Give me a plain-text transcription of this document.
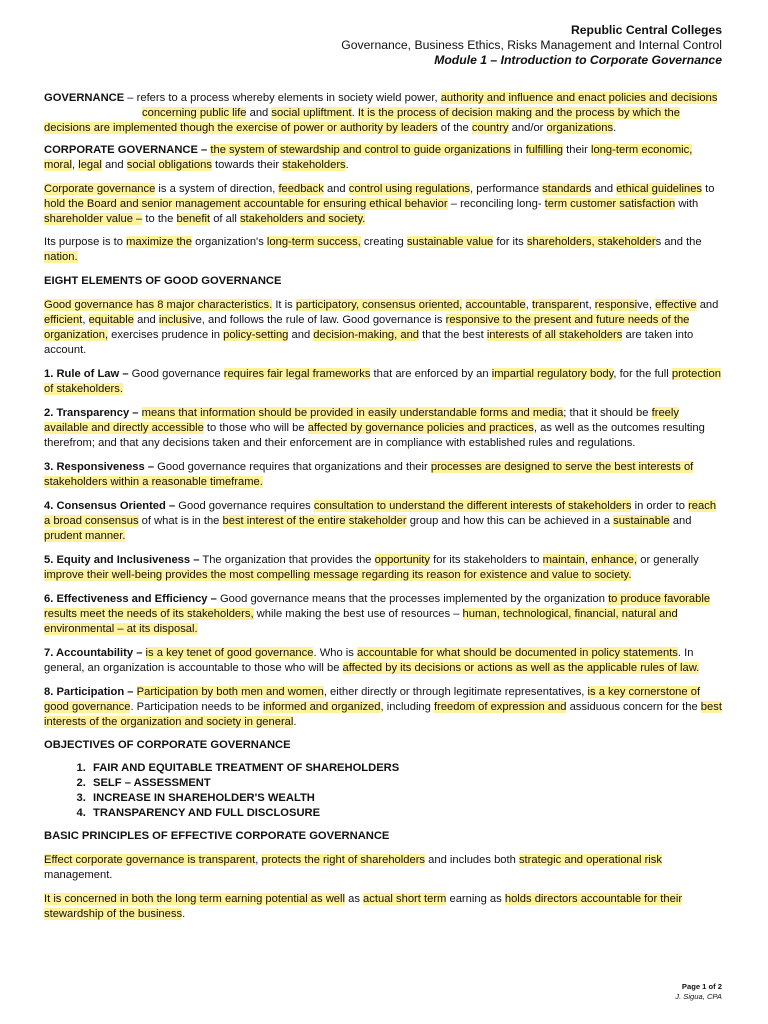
Republic Central Colleges
Governance, Business Ethics, Risks Management and Internal Control
Module 1 – Introduction to Corporate Governance

GOVERNANCE – refers to a process whereby elements in society wield power, authority and influence and enact policies and decisions
concerning public life and social upliftment. It is the process of decision making and the process by which the decisions are implemented though the exercise of power or authority by leaders of the country and/or organizations.

CORPORATE GOVERNANCE – the system of stewardship and control to guide organizations in fulfilling their long-term economic, moral, legal and social obligations towards their stakeholders.

Corporate governance is a system of direction, feedback and control using regulations, performance standards and ethical guidelines to hold the Board and senior management accountable for ensuring ethical behavior – reconciling long- term customer satisfaction with shareholder value – to the benefit of all stakeholders and society.

Its purpose is to maximize the organization's long-term success, creating sustainable value for its shareholders, stakeholders and the nation.

EIGHT ELEMENTS OF GOOD GOVERNANCE

Good governance has 8 major characteristics. It is participatory, consensus oriented, accountable, transparent, responsive, effective and efficient, equitable and inclusive, and follows the rule of law. Good governance is responsive to the present and future needs of the organization, exercises prudence in policy-setting and decision-making, and that the best interests of all stakeholders are taken into account.

1. Rule of Law – Good governance requires fair legal frameworks that are enforced by an impartial regulatory body, for the full protection of stakeholders.

2. Transparency – means that information should be provided in easily understandable forms and media; that it should be freely available and directly accessible to those who will be affected by governance policies and practices, as well as the outcomes resulting therefrom; and that any decisions taken and their enforcement are in compliance with established rules and regulations.

3. Responsiveness – Good governance requires that organizations and their processes are designed to serve the best interests of stakeholders within a reasonable timeframe.

4. Consensus Oriented – Good governance requires consultation to understand the different interests of stakeholders in order to reach a broad consensus of what is in the best interest of the entire stakeholder group and how this can be achieved in a sustainable and prudent manner.

5. Equity and Inclusiveness – The organization that provides the opportunity for its stakeholders to maintain, enhance, or generally improve their well-being provides the most compelling message regarding its reason for existence and value to society.

6. Effectiveness and Efficiency – Good governance means that the processes implemented by the organization to produce favorable results meet the needs of its stakeholders, while making the best use of resources – human, technological, financial, natural and environmental – at its disposal.

7. Accountability – is a key tenet of good governance. Who is accountable for what should be documented in policy statements. In general, an organization is accountable to those who will be affected by its decisions or actions as well as the applicable rules of law.

8. Participation – Participation by both men and women, either directly or through legitimate representatives, is a key cornerstone of good governance. Participation needs to be informed and organized, including freedom of expression and assiduous concern for the best interests of the organization and society in general.

OBJECTIVES OF CORPORATE GOVERNANCE

1. FAIR AND EQUITABLE TREATMENT OF SHAREHOLDERS
2. SELF – ASSESSMENT
3. INCREASE IN SHAREHOLDER'S WEALTH
4. TRANSPARENCY AND FULL DISCLOSURE

BASIC PRINCIPLES OF EFFECTIVE CORPORATE GOVERNANCE

Effect corporate governance is transparent, protects the right of shareholders and includes both strategic and operational risk management.

It is concerned in both the long term earning potential as well as actual short term earning as holds directors accountable for their stewardship of the business.

Page 1 of 2
J. Sigua, CPA
